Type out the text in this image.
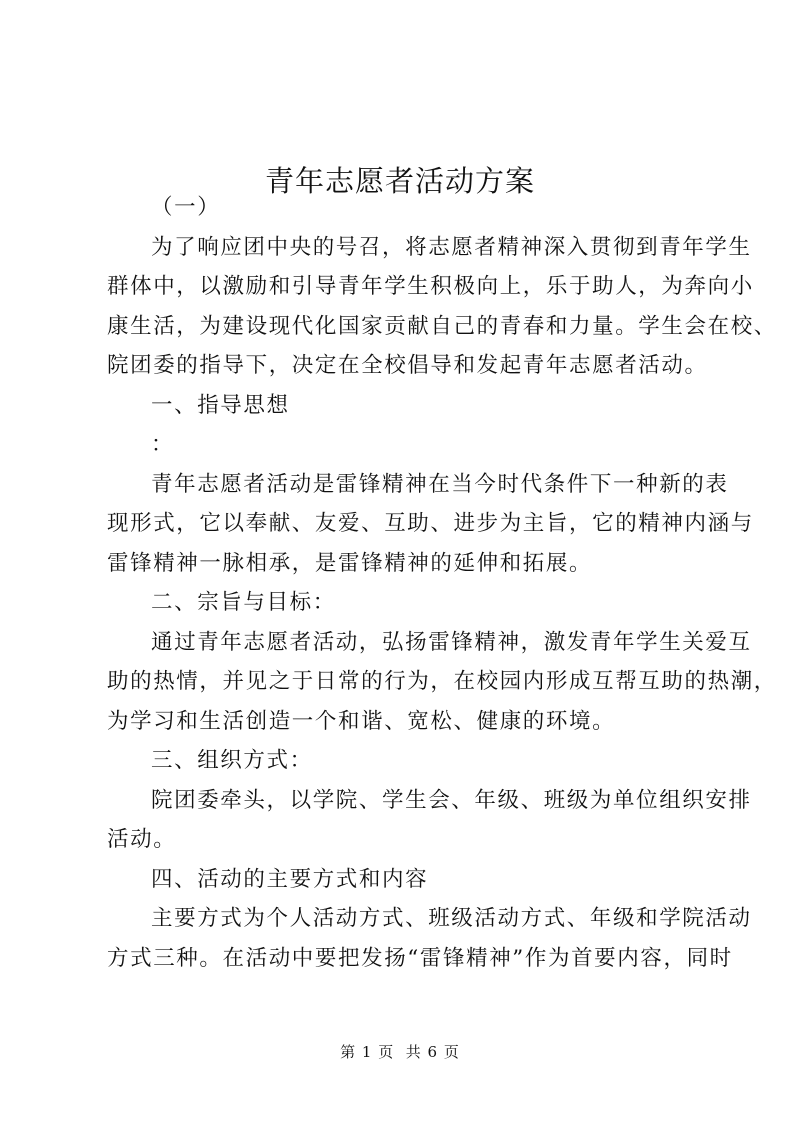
青年志愿者活动方案
（一）
为了响应团中央的号召，将志愿者精神深入贯彻到青年学生
群体中，以激励和引导青年学生积极向上，乐于助人，为奔向小
康生活，为建设现代化国家贡献自己的青春和力量。学生会在校、
院团委的指导下，决定在全校倡导和发起青年志愿者活动。
一、指导思想
：
青年志愿者活动是雷锋精神在当今时代条件下一种新的表
现形式，它以奉献、友爱、互助、进步为主旨，它的精神内涵与
雷锋精神一脉相承，是雷锋精神的延伸和拓展。
二、宗旨与目标：
通过青年志愿者活动，弘扬雷锋精神，激发青年学生关爱互
助的热情，并见之于日常的行为，在校园内形成互帮互助的热潮，
为学习和生活创造一个和谐、宽松、健康的环境。
三、组织方式：
院团委牵头，以学院、学生会、年级、班级为单位组织安排
活动。
四、活动的主要方式和内容
主要方式为个人活动方式、班级活动方式、年级和学院活动
方式三种。在活动中要把发扬“雷锋精神”作为首要内容，同时
第 1 页  共 6 页
